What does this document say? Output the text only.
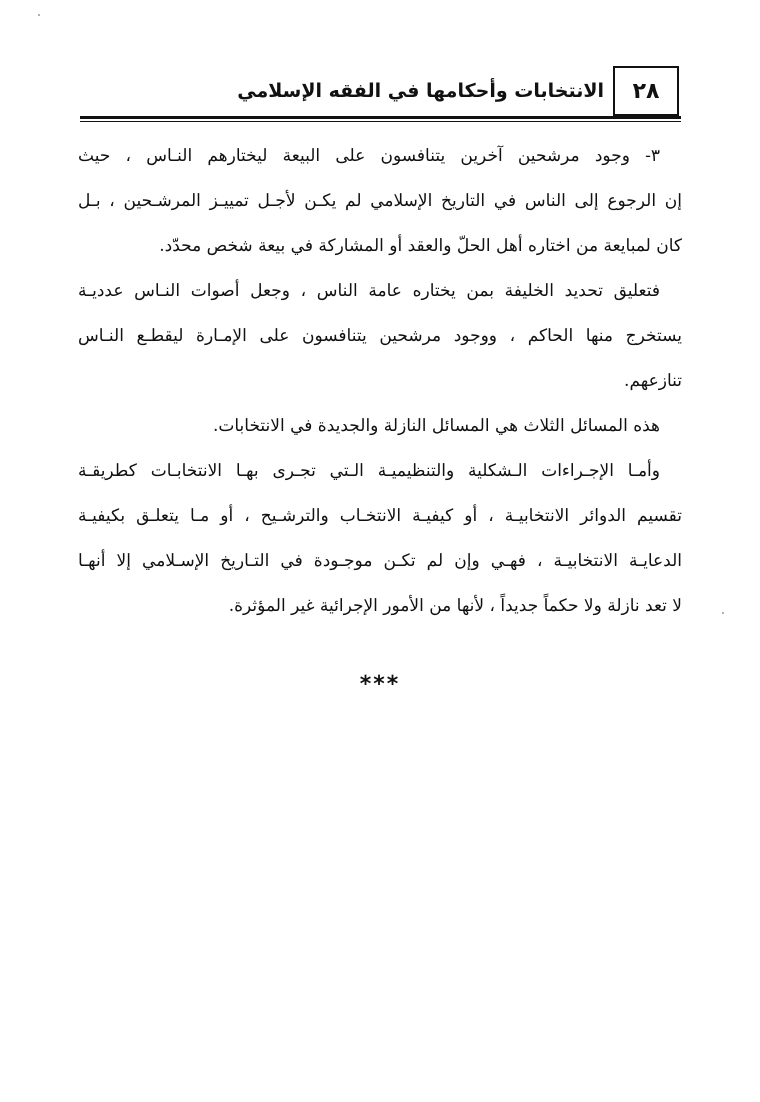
الانتخابات وأحكامها في الفقه الإسلامي ٢٨
٣- وجود مرشحين آخرين يتنافسون على البيعة ليختارهم النـاس ، حيث
إن الرجوع إلى الناس في التاريخ الإسلامي لم يكـن لأجـل تمييـز المرشـحين ، بـل
كان لمبايعة من اختاره أهل الحلّ والعقد أو المشاركة في بيعة شخص محدّد.
فتعليق تحديد الخليفة بمن يختاره عامة الناس ، وجعل أصوات النـاس عدديـة
يستخرج منها الحاكم ، ووجود مرشحين يتنافسون على الإمـارة ليقطـع النـاس
تنازعهم.
هذه المسائل الثلاث هي المسائل النازلة والجديدة في الانتخابات.
وأمـا الإجـراءات الـشكلية والتنظيميـة الـتي تجـرى بهـا الانتخابـات كطريقـة
تقسيم الدوائر الانتخابيـة ، أو كيفيـة الانتخـاب والترشـيح ، أو مـا يتعلـق بكيفيـة
الدعايـة الانتخابيـة ، فهـي وإن لم تكـن موجـودة في التـاريخ الإسـلامي إلا أنهـا
لا تعد نازلة ولا حكماً جديداً ، لأنها من الأمور الإجرائية غير المؤثرة.
***
